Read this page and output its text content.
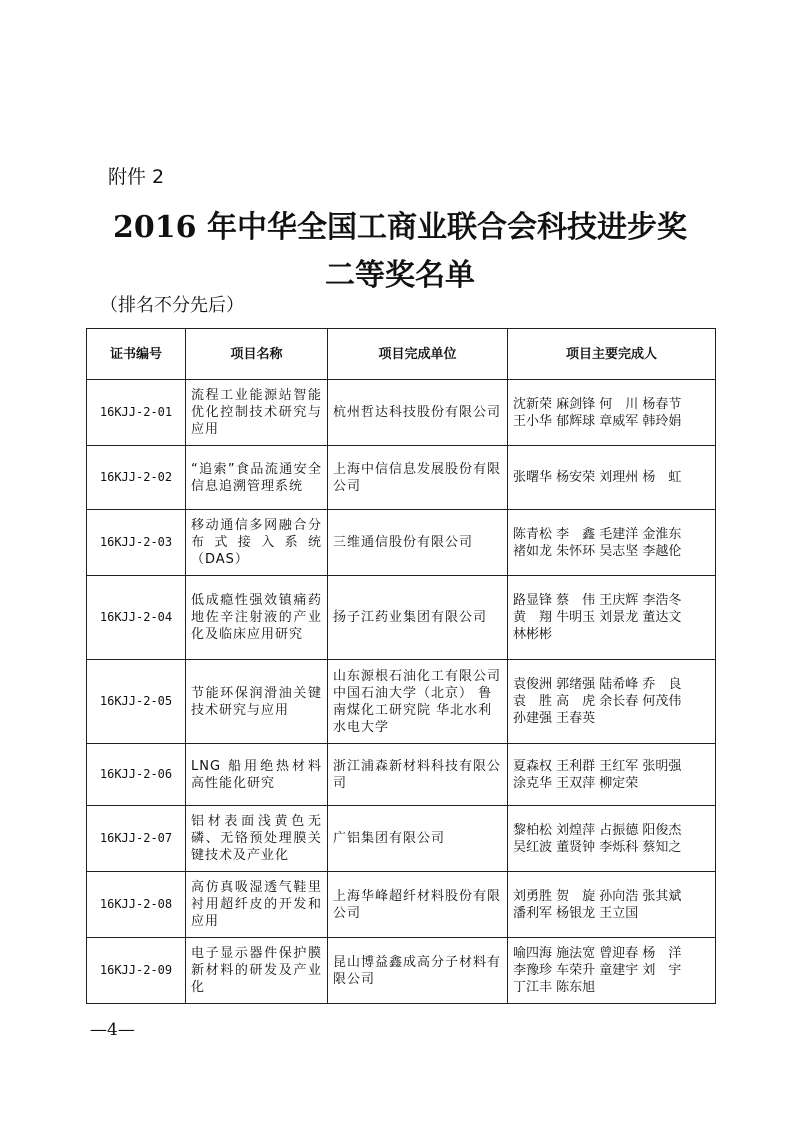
附件 2
2016 年中华全国工商业联合会科技进步奖
二等奖名单
（排名不分先后）
证书编号	项目名称	项目完成单位	项目主要完成人
16KJJ-2-01	流程工业能源站智能优化控制技术研究与应用	杭州哲达科技股份有限公司	沈新荣 麻剑锋 何　川 杨春节
王小华 郁辉球 章威军 韩玲娟

16KJJ-2-02	“追索”食品流通安全信息追溯管理系统	上海中信信息发展股份有限公司	张曙华 杨安荣 刘理州 杨　虹

16KJJ-2-03	移动通信多网融合分布式接入系统（DAS）	三维通信股份有限公司	陈青松 李　鑫 毛建洋 金淮东
褚如龙 朱怀环 吴志坚 李越伦

16KJJ-2-04	低成瘾性强效镇痛药地佐辛注射液的产业化及临床应用研究	扬子江药业集团有限公司	路显锋 蔡　伟 王庆辉 李浩冬
黄　翔 牛明玉 刘景龙 董达文
林彬彬

16KJJ-2-05	节能环保润滑油关键技术研究与应用	山东源根石油化工有限公司 中国石油大学（北京） 鲁南煤化工研究院 华北水利水电大学	袁俊洲 郭绪强 陆希峰 乔　良
袁　胜 高　虎 余长春 何茂伟
孙建强 王春英

16KJJ-2-06	LNG 船用绝热材料高性能化研究	浙江浦森新材料科技有限公司	夏森权 王利群 王红军 张明强
涂克华 王双萍 柳定荣

16KJJ-2-07	铝材表面浅黄色无磷、无铬预处理膜关键技术及产业化	广铝集团有限公司	黎柏松 刘煌萍 占振德 阳俊杰
吴红波 董贤钟 李烁科 蔡知之

16KJJ-2-08	高仿真吸湿透气鞋里衬用超纤皮的开发和应用	上海华峰超纤材料股份有限公司	刘勇胜 贺　旋 孙向浩 张其斌
潘利军 杨银龙 王立国

16KJJ-2-09	电子显示器件保护膜新材料的研发及产业化	昆山博益鑫成高分子材料有限公司	喻四海 施法宽 曾迎春 杨　洋
李豫珍 车荣升 童建宇 刘　宇
丁江丰 陈东旭
—4—
